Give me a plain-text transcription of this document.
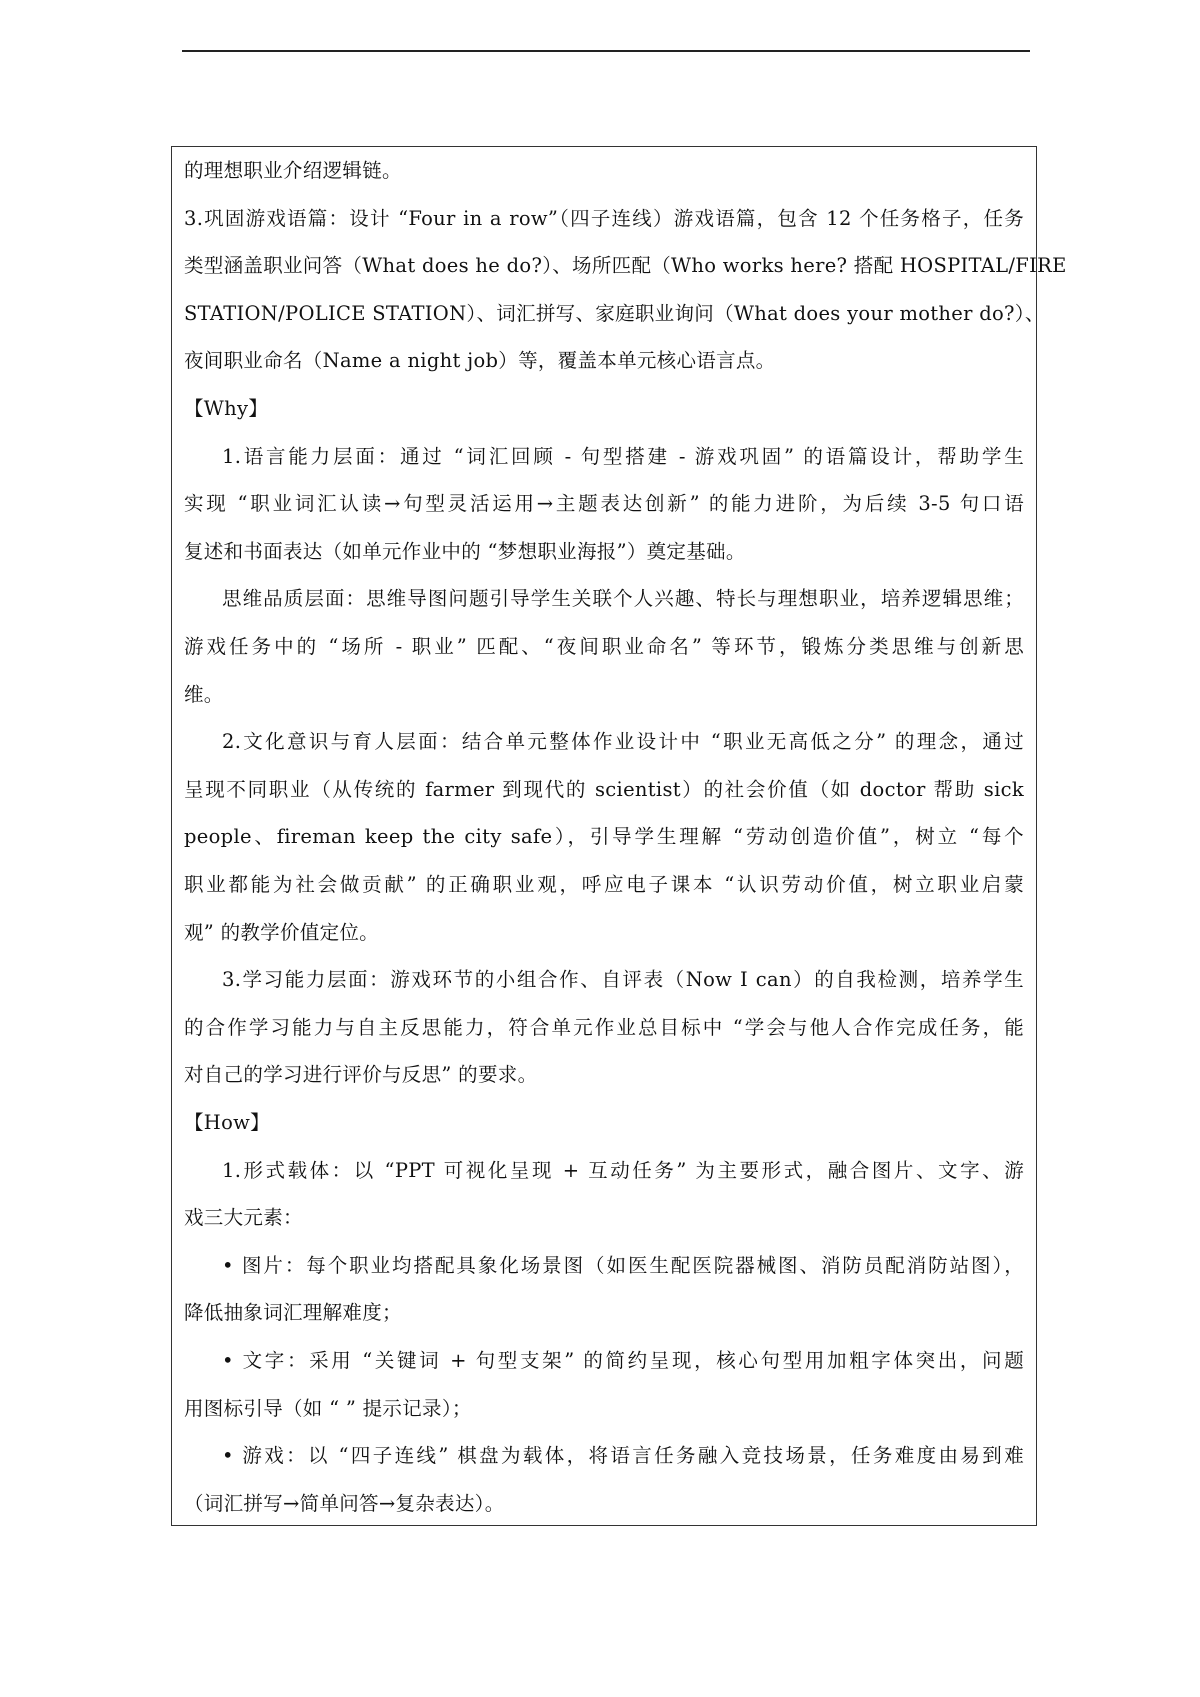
的理想职业介绍逻辑链。
3.巩固游戏语篇：设计 “Four in a row”（四子连线）游戏语篇，包含 12 个任务格子，任务
类型涵盖职业问答（What does he do?）、场所匹配（Who works here? 搭配 HOSPITAL/FIRE
STATION/POLICE STATION）、词汇拼写、家庭职业询问（What does your mother do?）、
夜间职业命名（Name a night job）等，覆盖本单元核心语言点。
【Why】
1.语言能力层面：通过 “词汇回顾 - 句型搭建 - 游戏巩固” 的语篇设计，帮助学生
实现 “职业词汇认读→句型灵活运用→主题表达创新” 的能力进阶，为后续 3-5 句口语
复述和书面表达（如单元作业中的 “梦想职业海报”）奠定基础。
思维品质层面：思维导图问题引导学生关联个人兴趣、特长与理想职业，培养逻辑思维；
游戏任务中的 “场所 - 职业” 匹配、“夜间职业命名” 等环节，锻炼分类思维与创新思
维。
2.文化意识与育人层面：结合单元整体作业设计中 “职业无高低之分” 的理念，通过
呈现不同职业（从传统的 farmer 到现代的 scientist）的社会价值（如 doctor 帮助 sick
people、fireman keep the city safe），引导学生理解 “劳动创造价值”，树立 “每个
职业都能为社会做贡献” 的正确职业观，呼应电子课本 “认识劳动价值，树立职业启蒙
观” 的教学价值定位。
3.学习能力层面：游戏环节的小组合作、自评表（Now I can）的自我检测，培养学生
的合作学习能力与自主反思能力，符合单元作业总目标中 “学会与他人合作完成任务，能
对自己的学习进行评价与反思” 的要求。
【How】
1.形式载体：以 “PPT 可视化呈现 + 互动任务” 为主要形式，融合图片、文字、游
戏三大元素：
• 图片：每个职业均搭配具象化场景图（如医生配医院器械图、消防员配消防站图），
降低抽象词汇理解难度；
• 文字：采用 “关键词 + 句型支架” 的简约呈现，核心句型用加粗字体突出，问题
用图标引导（如 “ ” 提示记录）；
• 游戏：以 “四子连线” 棋盘为载体，将语言任务融入竞技场景，任务难度由易到难
（词汇拼写→简单问答→复杂表达）。
